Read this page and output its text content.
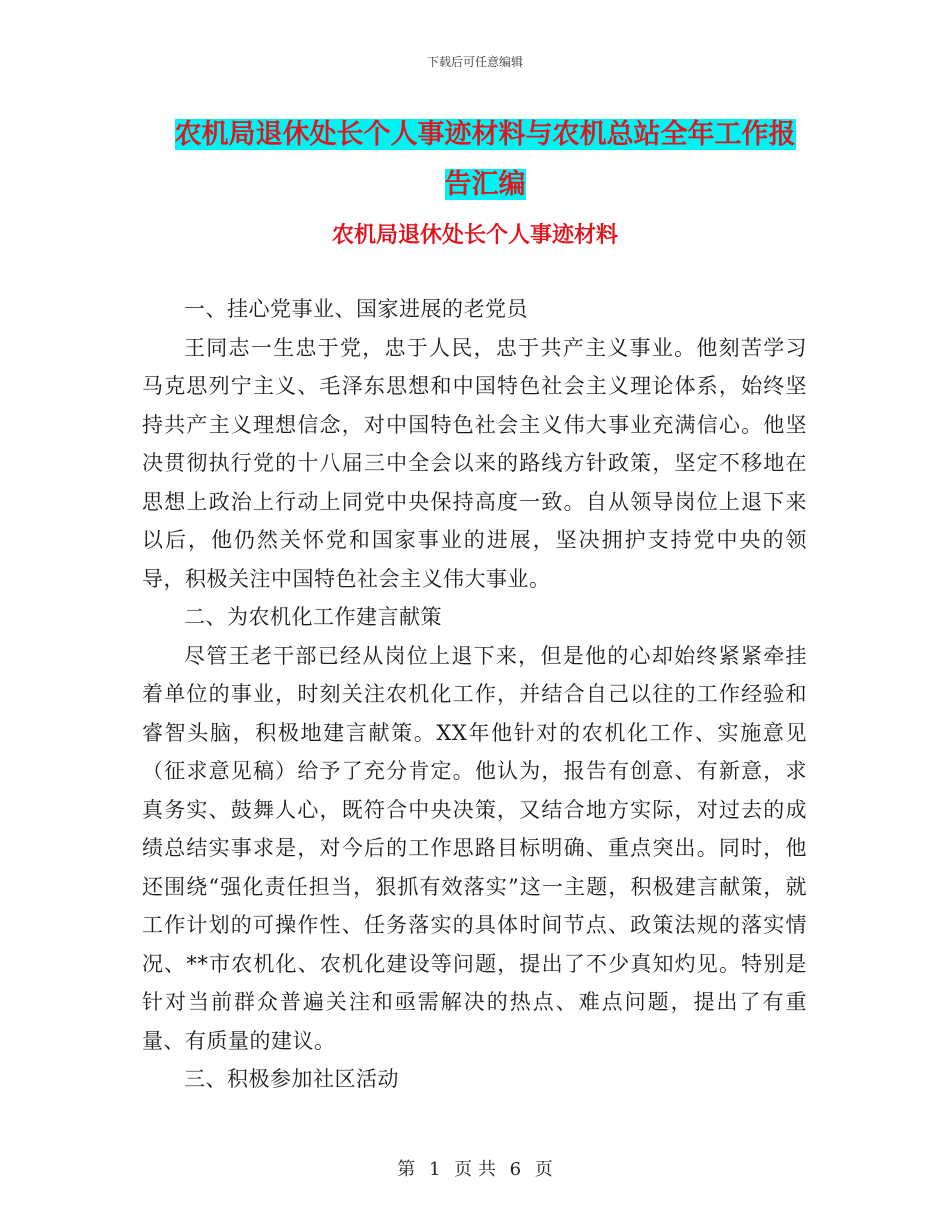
下载后可任意编辑
农机局退休处长个人事迹材料与农机总站全年工作报
告汇编
农机局退休处长个人事迹材料

一、挂心党事业、国家进展的老党员

王同志一生忠于党，忠于人民，忠于共产主义事业。他刻苦学习马克思列宁主义、毛泽东思想和中国特色社会主义理论体系，始终坚持共产主义理想信念，对中国特色社会主义伟大事业充满信心。他坚决贯彻执行党的十八届三中全会以来的路线方针政策，坚定不移地在思想上政治上行动上同党中央保持高度一致。自从领导岗位上退下来以后，他仍然关怀党和国家事业的进展，坚决拥护支持党中央的领导，积极关注中国特色社会主义伟大事业。

二、为农机化工作建言献策

尽管王老干部已经从岗位上退下来，但是他的心却始终紧紧牵挂着单位的事业，时刻关注农机化工作，并结合自己以往的工作经验和睿智头脑，积极地建言献策。XX年他针对的农机化工作、实施意见（征求意见稿）给予了充分肯定。他认为，报告有创意、有新意，求真务实、鼓舞人心，既符合中央决策，又结合地方实际，对过去的成绩总结实事求是，对今后的工作思路目标明确、重点突出。同时，他还围绕“强化责任担当，狠抓有效落实”这一主题，积极建言献策，就工作计划的可操作性、任务落实的具体时间节点、政策法规的落实情况、**市农机化、农机化建设等问题，提出了不少真知灼见。特别是针对当前群众普遍关注和亟需解决的热点、难点问题，提出了有重量、有质量的建议。

三、积极参加社区活动

第 1 页 共 6 页
